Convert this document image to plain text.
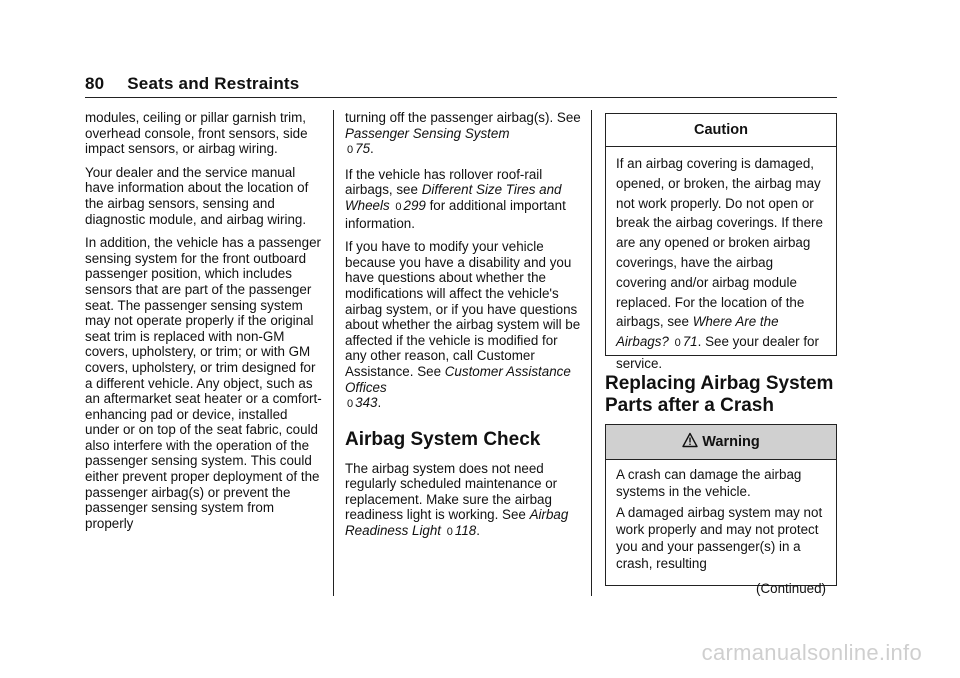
80 Seats and Restraints

modules, ceiling or pillar garnish trim, overhead console, front sensors, side impact sensors, or airbag wiring.

Your dealer and the service manual have information about the location of the airbag sensors, sensing and diagnostic module, and airbag wiring.

In addition, the vehicle has a passenger sensing system for the front outboard passenger position, which includes sensors that are part of the passenger seat. The passenger sensing system may not operate properly if the original seat trim is replaced with non-GM covers, upholstery, or trim; or with GM covers, upholstery, or trim designed for a different vehicle. Any object, such as an aftermarket seat heater or a comfort-enhancing pad or device, installed under or on top of the seat fabric, could also interfere with the operation of the passenger sensing system. This could either prevent proper deployment of the passenger airbag(s) or prevent the passenger sensing system from properly

turning off the passenger airbag(s). See Passenger Sensing System
0 75.

If the vehicle has rollover roof-rail airbags, see Different Size Tires and Wheels 0 299 for additional important information.

If you have to modify your vehicle because you have a disability and you have questions about whether the modifications will affect the vehicle's airbag system, or if you have questions about whether the airbag system will be affected if the vehicle is modified for any other reason, call Customer Assistance. See Customer Assistance Offices
0 343.

Airbag System Check

The airbag system does not need regularly scheduled maintenance or replacement. Make sure the airbag readiness light is working. See Airbag Readiness Light 0 118.

Caution
If an airbag covering is damaged, opened, or broken, the airbag may not work properly. Do not open or break the airbag coverings. If there are any opened or broken airbag coverings, have the airbag covering and/or airbag module replaced. For the location of the airbags, see Where Are the Airbags? 0 71. See your dealer for service.
Replacing Airbag System Parts after a Crash
Warning
A crash can damage the airbag systems in the vehicle.
A damaged airbag system may not work properly and may not protect you and your passenger(s) in a crash, resulting
(Continued)
carmanualsonline.info
